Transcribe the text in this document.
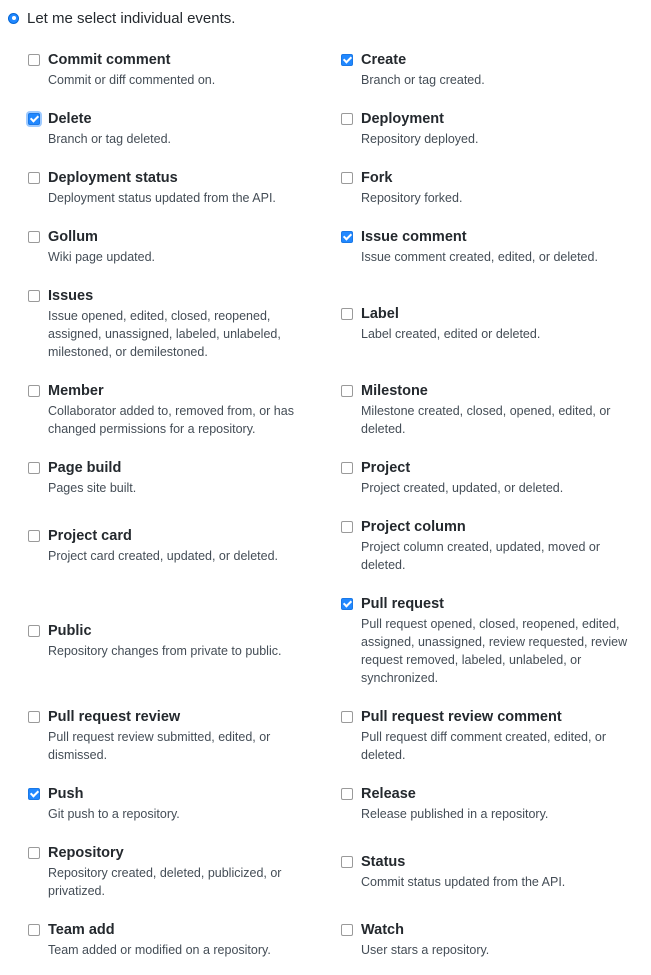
Let me select individual events.
Commit comment
Commit or diff commented on.
Create
Branch or tag created.
Delete
Branch or tag deleted.
Deployment
Repository deployed.
Deployment status
Deployment status updated from the API.
Fork
Repository forked.
Gollum
Wiki page updated.
Issue comment
Issue comment created, edited, or deleted.
Issues
Issue opened, edited, closed, reopened, assigned, unassigned, labeled, unlabeled, milestoned, or demilestoned.
Label
Label created, edited or deleted.
Member
Collaborator added to, removed from, or has changed permissions for a repository.
Milestone
Milestone created, closed, opened, edited, or deleted.
Page build
Pages site built.
Project
Project created, updated, or deleted.
Project card
Project card created, updated, or deleted.
Project column
Project column created, updated, moved or deleted.
Public
Repository changes from private to public.
Pull request
Pull request opened, closed, reopened, edited, assigned, unassigned, review requested, review request removed, labeled, unlabeled, or synchronized.
Pull request review
Pull request review submitted, edited, or dismissed.
Pull request review comment
Pull request diff comment created, edited, or deleted.
Push
Git push to a repository.
Release
Release published in a repository.
Repository
Repository created, deleted, publicized, or privatized.
Status
Commit status updated from the API.
Team add
Team added or modified on a repository.
Watch
User stars a repository.
